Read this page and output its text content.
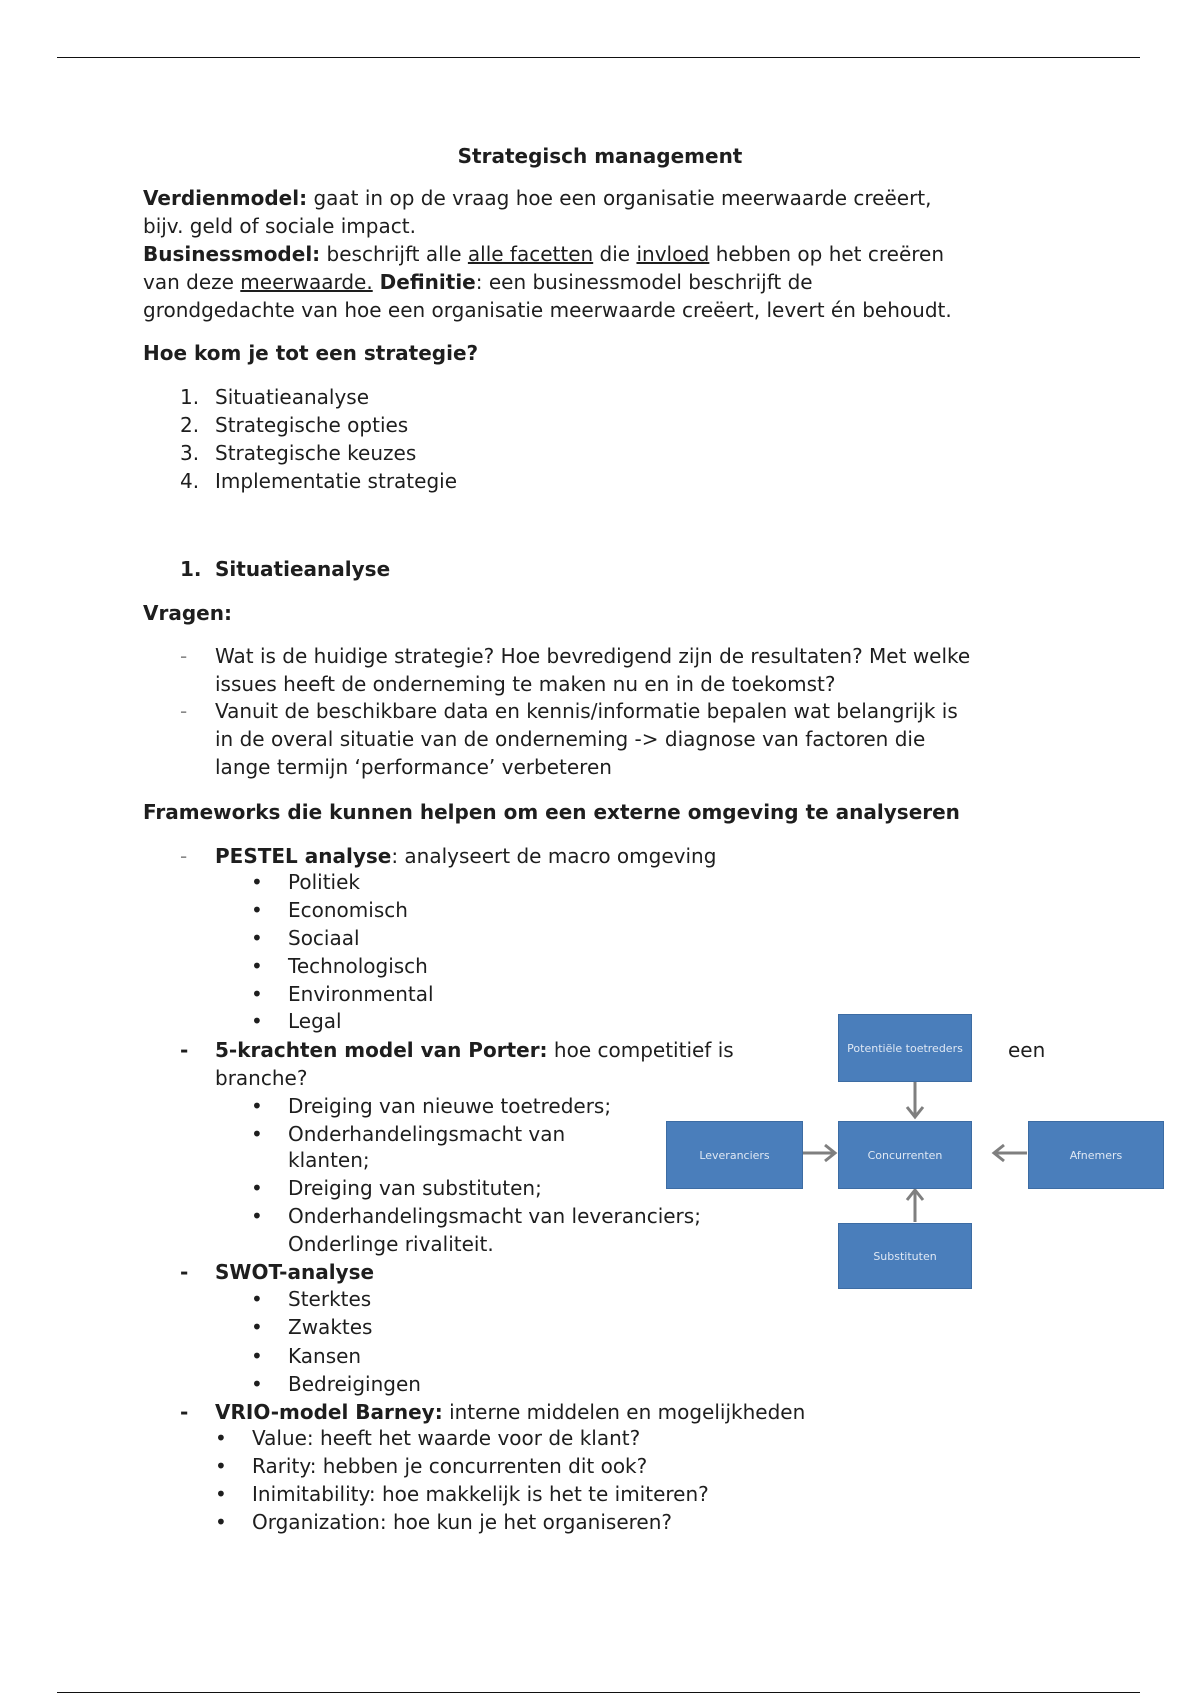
Strategisch management
Verdienmodel: gaat in op de vraag hoe een organisatie meerwaarde creëert,
bijv. geld of sociale impact.
Businessmodel: beschrijft alle alle facetten die invloed hebben op het creëren
van deze meerwaarde. Definitie: een businessmodel beschrijft de
grondgedachte van hoe een organisatie meerwaarde creëert, levert én behoudt.
Hoe kom je tot een strategie?
1. Situatieanalyse
2. Strategische opties
3. Strategische keuzes
4. Implementatie strategie
1. Situatieanalyse
Vragen:
- Wat is de huidige strategie? Hoe bevredigend zijn de resultaten? Met welke
issues heeft de onderneming te maken nu en in de toekomst?
- Vanuit de beschikbare data en kennis/informatie bepalen wat belangrijk is
in de overal situatie van de onderneming -> diagnose van factoren die
lange termijn ‘performance’ verbeteren
Frameworks die kunnen helpen om een externe omgeving te analyseren
- PESTEL analyse: analyseert de macro omgeving
• Politiek
• Economisch
• Sociaal
• Technologisch
• Environmental
• Legal
- 5-krachten model van Porter: hoe competitief is	een
branche?
• Dreiging van nieuwe toetreders;
• Onderhandelingsmacht van
klanten;
• Dreiging van substituten;
• Onderhandelingsmacht van leveranciers;
Onderlinge rivaliteit.
- SWOT-analyse
• Sterktes
• Zwaktes
• Kansen
• Bedreigingen
- VRIO-model Barney: interne middelen en mogelijkheden
• Value: heeft het waarde voor de klant?
• Rarity: hebben je concurrenten dit ook?
• Inimitability: hoe makkelijk is het te imiteren?
• Organization: hoe kun je het organiseren?
Potentiële toetreders
Leveranciers	Concurrenten	Afnemers
Substituten
